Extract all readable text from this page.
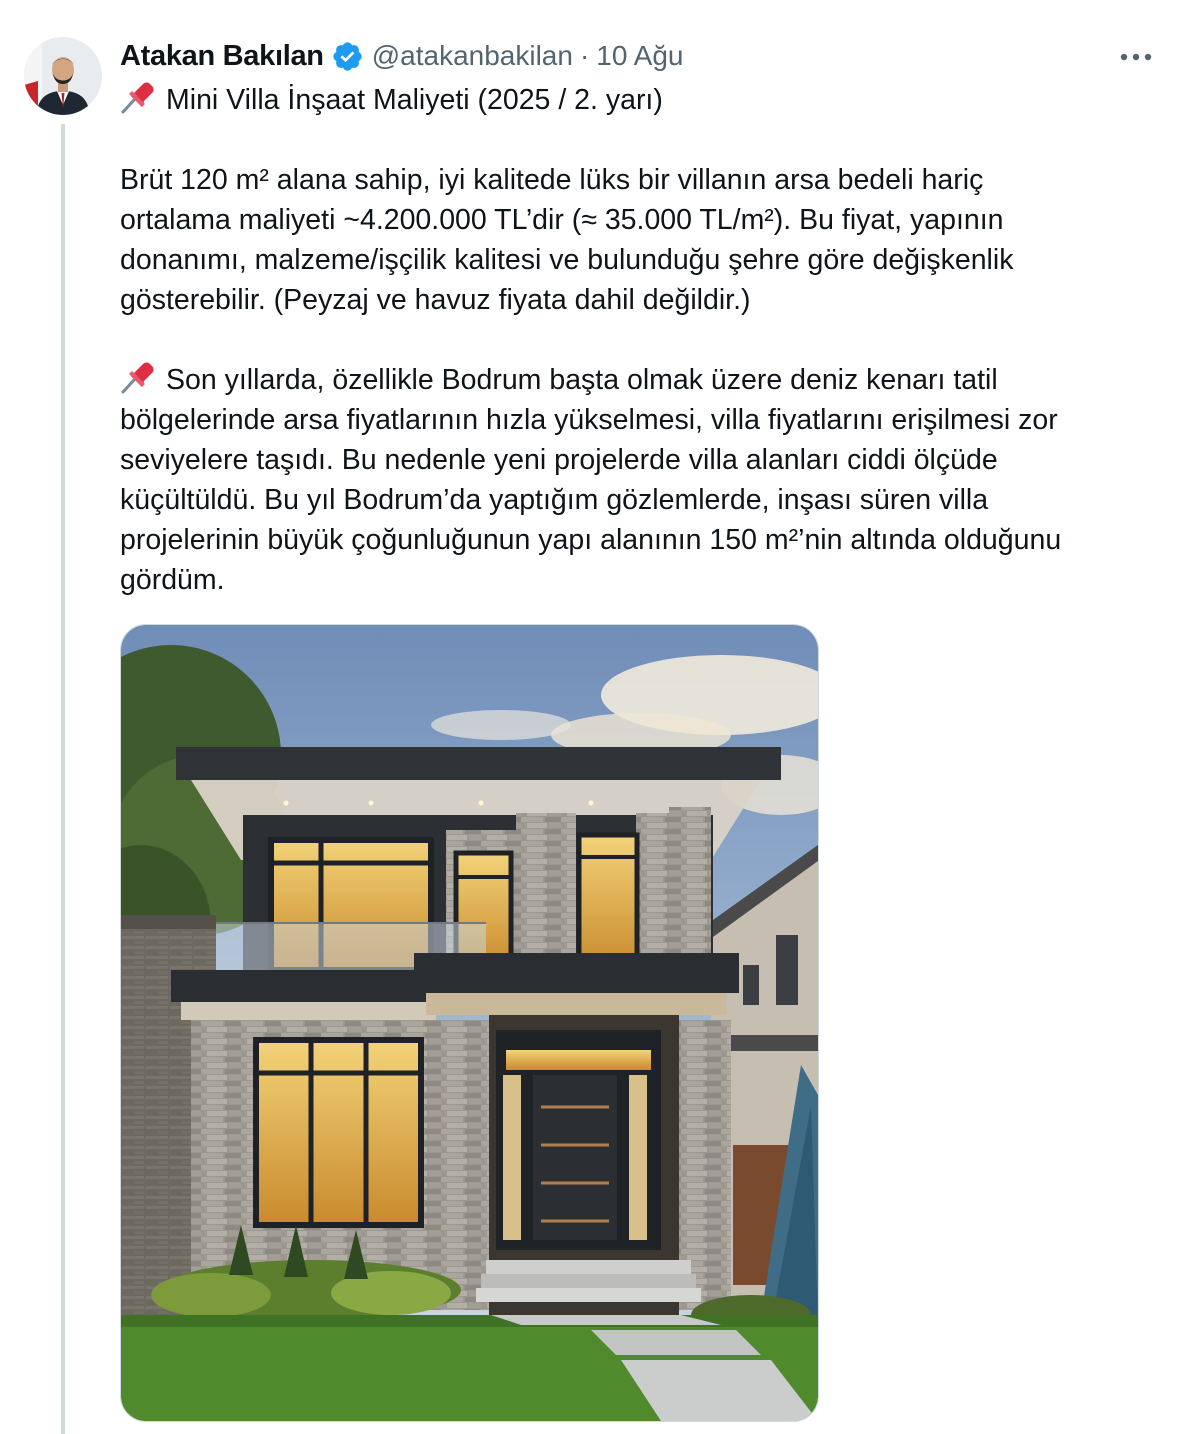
Atakan Bakılan @atakanbakilan · 10 Ağu
Mini Villa İnşaat Maliyeti (2025 / 2. yarı)
Brüt 120 m² alana sahip, iyi kalitede lüks bir villanın arsa bedeli hariç
ortalama maliyeti ~4.200.000 TL’dir (≈ 35.000 TL/m²). Bu fiyat, yapının
donanımı, malzeme/işçilik kalitesi ve bulunduğu şehre göre değişkenlik
gösterebilir. (Peyzaj ve havuz fiyata dahil değildir.)
Son yıllarda, özellikle Bodrum başta olmak üzere deniz kenarı tatil
bölgelerinde arsa fiyatlarının hızla yükselmesi, villa fiyatlarını erişilmesi zor
seviyelere taşıdı. Bu nedenle yeni projelerde villa alanları ciddi ölçüde
küçültüldü. Bu yıl Bodrum’da yaptığım gözlemlerde, inşası süren villa
projelerinin büyük çoğunluğunun yapı alanının 150 m²’nin altında olduğunu
gördüm.
